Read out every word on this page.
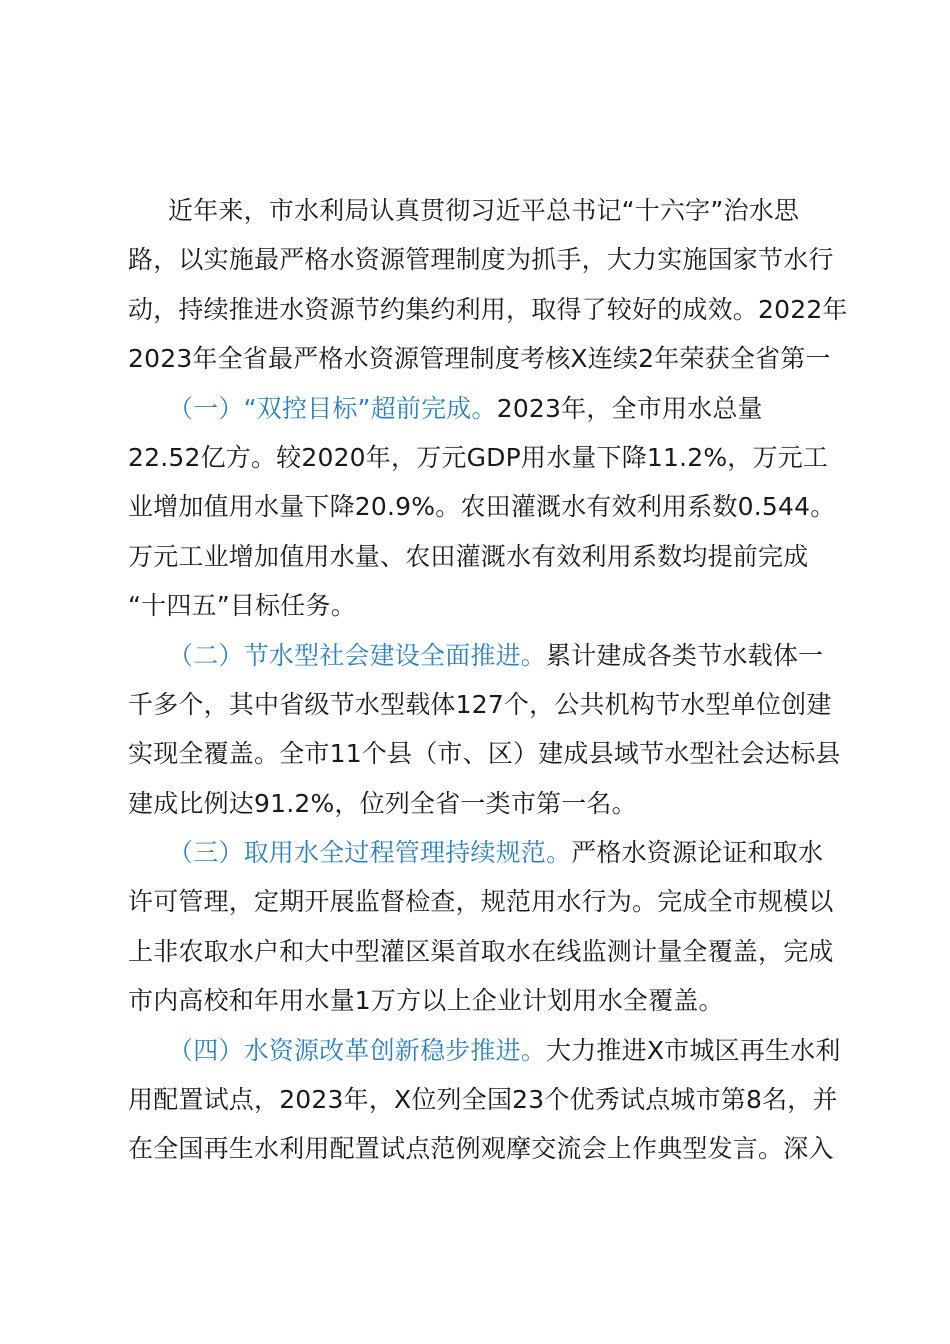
近年来，市水利局认真贯彻习近平总书记“十六字”治水思
路，以实施最严格水资源管理制度为抓手，大力实施国家节水行
动，持续推进水资源节约集约利用，取得了较好的成效。2022年
2023年全省最严格水资源管理制度考核X连续2年荣获全省第一
（一）“双控目标”超前完成。2023年，全市用水总量
22.52亿方。较2020年，万元GDP用水量下降11.2%，万元工
业增加值用水量下降20.9%。农田灌溉水有效利用系数0.544。
万元工业增加值用水量、农田灌溉水有效利用系数均提前完成
“十四五”目标任务。
（二）节水型社会建设全面推进。累计建成各类节水载体一
千多个，其中省级节水型载体127个，公共机构节水型单位创建
实现全覆盖。全市11个县（市、区）建成县域节水型社会达标县
建成比例达91.2%，位列全省一类市第一名。
（三）取用水全过程管理持续规范。严格水资源论证和取水
许可管理，定期开展监督检查，规范用水行为。完成全市规模以
上非农取水户和大中型灌区渠首取水在线监测计量全覆盖，完成
市内高校和年用水量1万方以上企业计划用水全覆盖。
（四）水资源改革创新稳步推进。大力推进X市城区再生水利
用配置试点，2023年，X位列全国23个优秀试点城市第8名，并
在全国再生水利用配置试点范例观摩交流会上作典型发言。深入
